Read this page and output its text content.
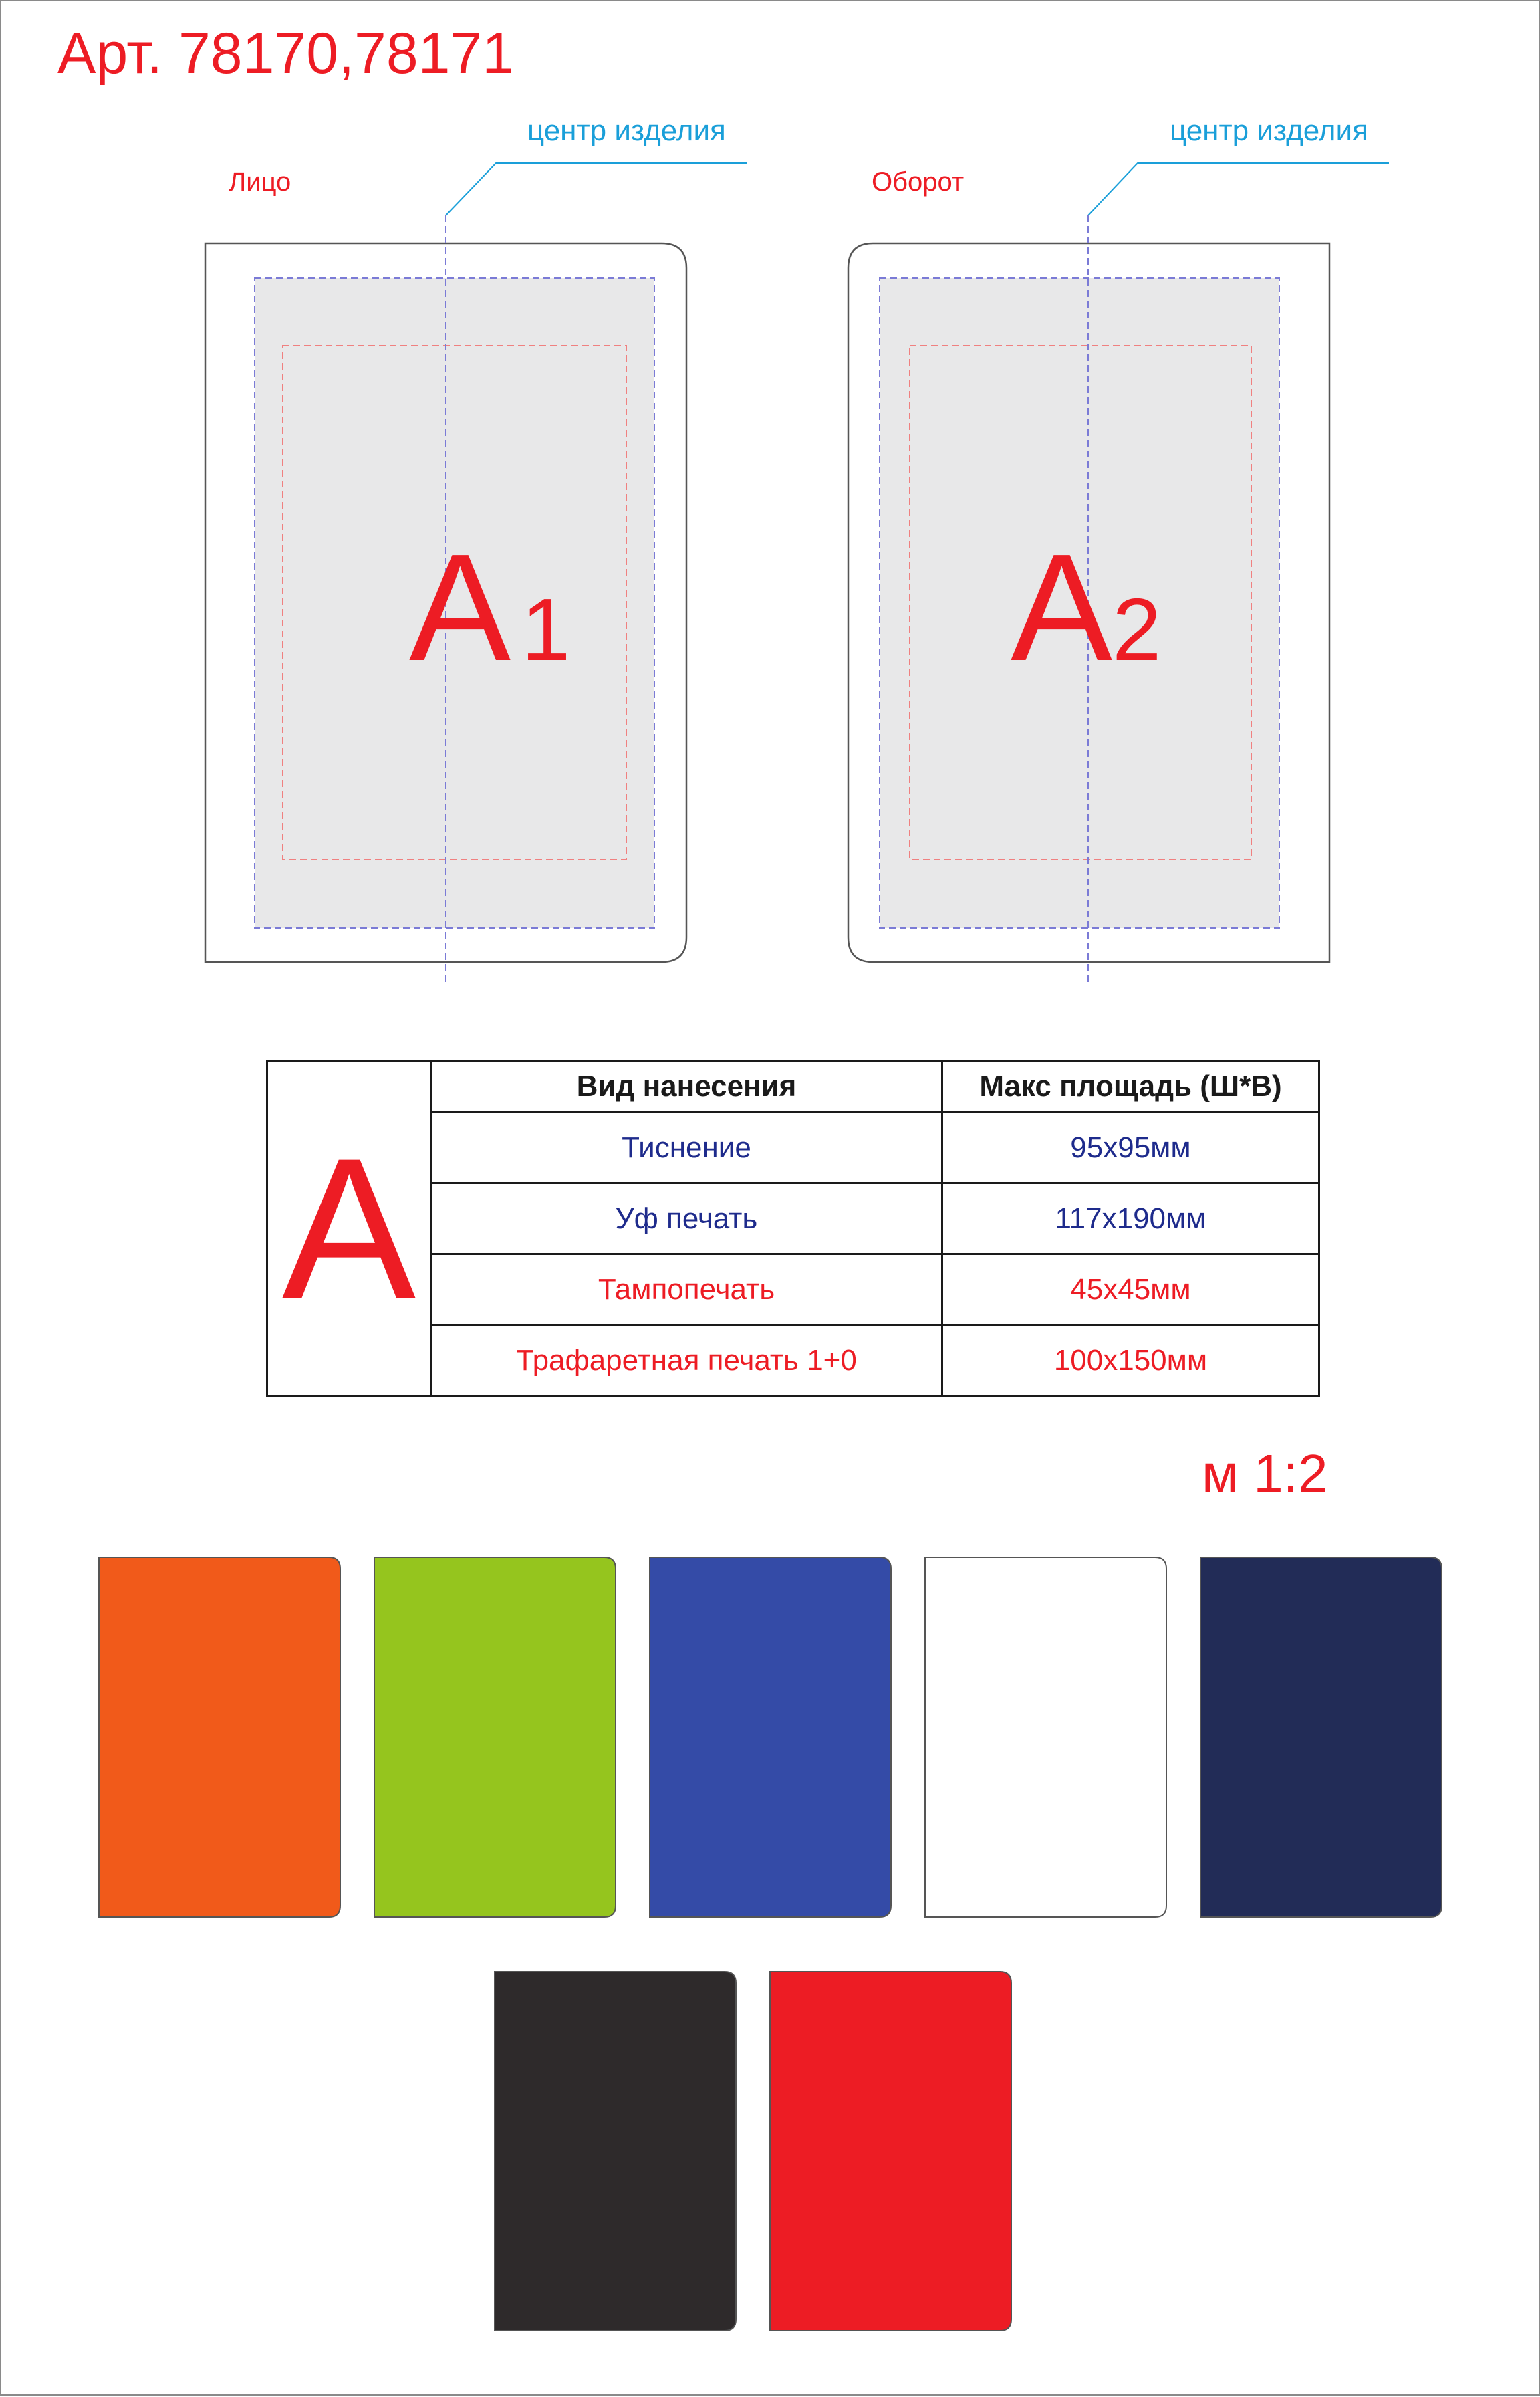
Арт. 78170,78171
Лицо
центр изделия
A 1
Оборот
центр изделия
A 2
м 1:2
A	Вид нанесения	Макс площадь (Ш*В)
	Тиснение	95x95мм
	Уф печать	117x190мм
	Тампопечать	45x45мм
	Трафаретная печать 1+0	100x150мм
